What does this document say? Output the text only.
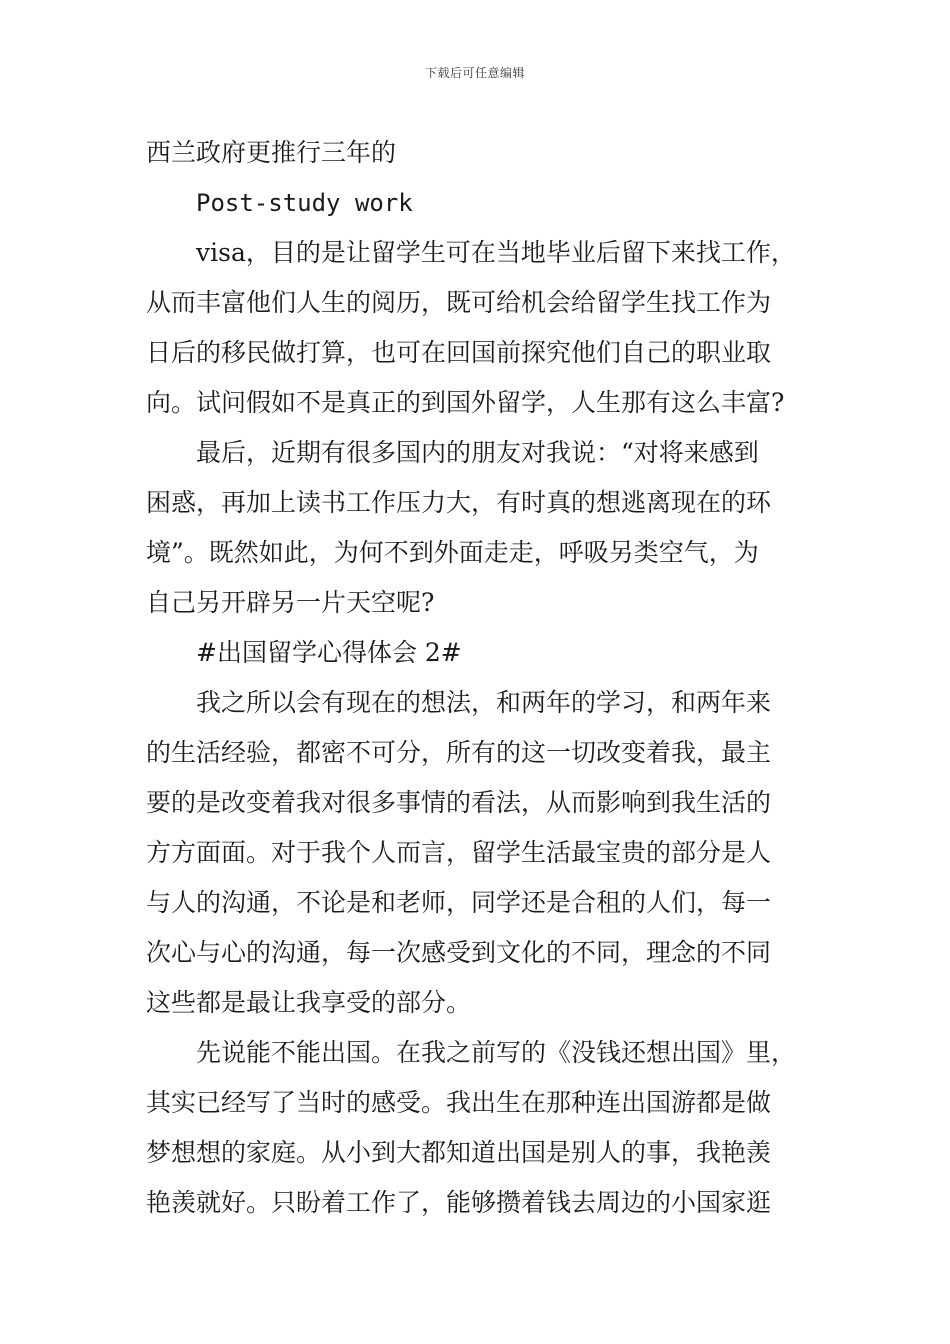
下载后可任意编辑
西兰政府更推行三年的
Post-study work
visa，目的是让留学生可在当地毕业后留下来找工作，
从而丰富他们人生的阅历，既可给机会给留学生找工作为
日后的移民做打算，也可在回国前探究他们自己的职业取
向。试问假如不是真正的到国外留学，人生那有这么丰富?
最后，近期有很多国内的朋友对我说：“对将来感到
困惑，再加上读书工作压力大，有时真的想逃离现在的环
境”。既然如此，为何不到外面走走，呼吸另类空气，为
自己另开辟另一片天空呢?
#出国留学心得体会 2#
我之所以会有现在的想法，和两年的学习，和两年来
的生活经验，都密不可分，所有的这一切改变着我，最主
要的是改变着我对很多事情的看法，从而影响到我生活的
方方面面。对于我个人而言，留学生活最宝贵的部分是人
与人的沟通，不论是和老师，同学还是合租的人们，每一
次心与心的沟通，每一次感受到文化的不同，理念的不同
这些都是最让我享受的部分。
先说能不能出国。在我之前写的《没钱还想出国》里，
其实已经写了当时的感受。我出生在那种连出国游都是做
梦想想的家庭。从小到大都知道出国是别人的事，我艳羡
艳羡就好。只盼着工作了，能够攒着钱去周边的小国家逛
